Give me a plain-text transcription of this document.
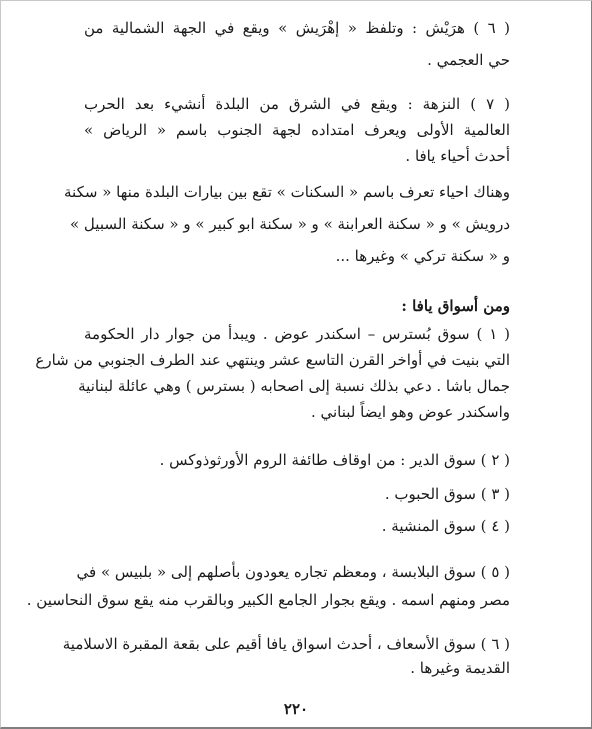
( ٦ ) هرَيْش : وتلفظ « إهْرَيش » ويقع في الجهة الشمالية من
حي العجمي .
( ٧ ) النزهة : ويقع في الشرق من البلدة أنشيء بعد الحرب
العالمية الأولى ويعرف امتداده لجهة الجنوب باسم « الرياض »
أحدث أحياء يافا .
وهناك احياء تعرف باسم « السكنات » تقع بين بيارات البلدة منها « سكنة
درويش » و « سكنة العرابنة » و « سكنة ابو كبير » و « سكنة السبيل »
و « سكنة تركي » وغيرها ...
ومن أسواق يافا :
( ١ ) سوق بُسترس – اسكندر عوض . ويبدأ من جوار دار الحكومة
التي بنيت في أواخر القرن التاسع عشر وينتهي عند الطرف الجنوبي من شارع
جمال باشا . دعي بذلك نسبة إلى اصحابه ( بسترس ) وهي عائلة لبنانية
واسكندر عوض وهو ايضاً لبناني .
( ٢ ) سوق الدير : من اوقاف طائفة الروم الأورثوذوكس .
( ٣ ) سوق الحبوب .
( ٤ ) سوق المنشية .
( ٥ ) سوق البلابسة ، ومعظم تجاره يعودون بأصلهم إلى « بلبيس » في
مصر ومنهم اسمه . ويقع بجوار الجامع الكبير وبالقرب منه يقع سوق النحاسين .
( ٦ ) سوق الأسعاف ، أحدث اسواق يافا أقيم على بقعة المقبرة الاسلامية
القديمة وغيرها .
٢٢٠
